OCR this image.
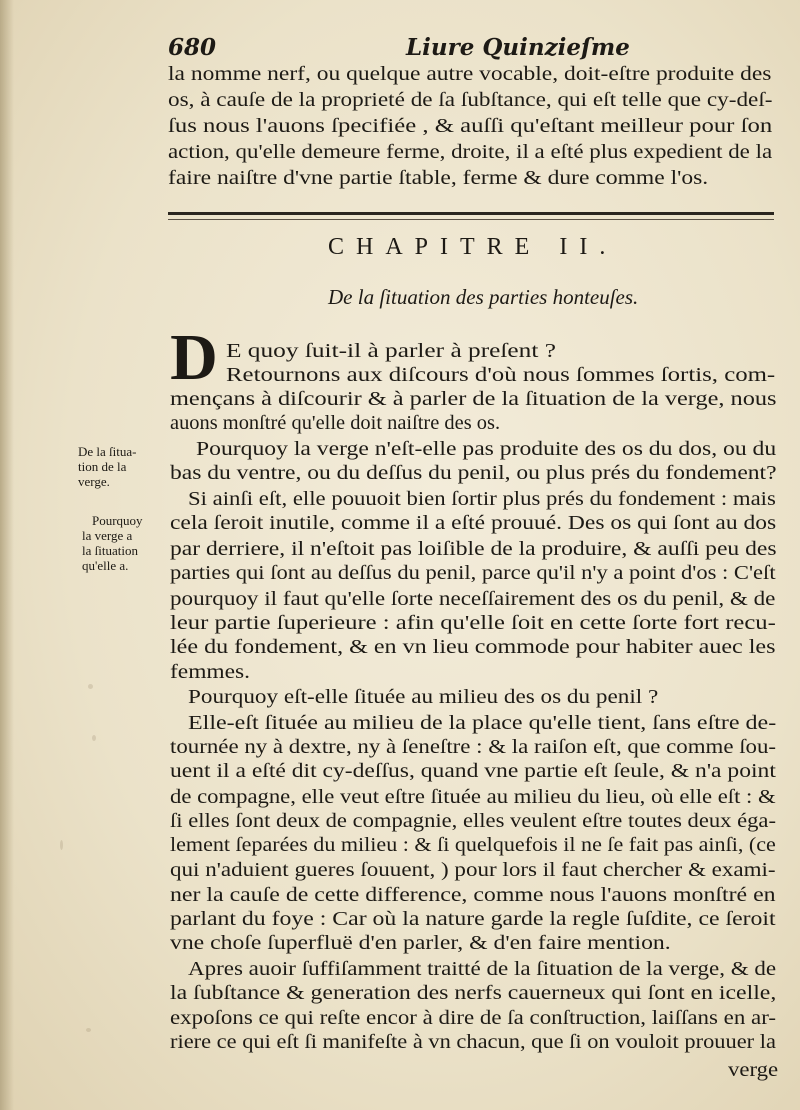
680	Liure Quinzieſme
la nomme nerf, ou quelque autre vocable, doit-eſtre produite des
os, à cauſe de la proprieté de ſa ſubſtance, qui eſt telle que cy-deſ-
ſus nous l'auons ſpecifiée , & auſſi qu'eſtant meilleur pour ſon
action, qu'elle demeure ferme, droite, il a eſté plus expedient de la
faire naiſtre d'vne partie ſtable, ferme & dure comme l'os.
CHAPITRE II.
De la ſituation des parties honteuſes.
D E quoy ſuit-il à parler à preſent ?
Retournons aux diſcours d'où nous ſommes ſortis, com-
mençans à diſcourir & à parler de la ſituation de la verge, nous
auons monſtré qu'elle doit naiſtre des os.
Pourquoy la verge n'eſt-elle pas produite des os du dos, ou du
bas du ventre, ou du deſſus du penil, ou plus prés du fondement?
Si ainſi eſt, elle pouuoit bien ſortir plus prés du fondement : mais
cela ſeroit inutile, comme il a eſté prouué. Des os qui ſont au dos
par derriere, il n'eſtoit pas loiſible de la produire, & auſſi peu des
parties qui ſont au deſſus du penil, parce qu'il n'y a point d'os : C'eſt
pourquoy il faut qu'elle ſorte neceſſairement des os du penil, & de
leur partie ſuperieure : afin qu'elle ſoit en cette ſorte fort recu-
lée du fondement, & en vn lieu commode pour habiter auec les
femmes.
Pourquoy eſt-elle ſituée au milieu des os du penil ?
Elle-eſt ſituée au milieu de la place qu'elle tient, ſans eſtre de-
tournée ny à dextre, ny à ſeneſtre : & la raiſon eſt, que comme ſou-
uent il a eſté dit cy-deſſus, quand vne partie eſt ſeule, & n'a point
de compagne, elle veut eſtre ſituée au milieu du lieu, où elle eſt : &
ſi elles ſont deux de compagnie, elles veulent eſtre toutes deux éga-
lement ſeparées du milieu : & ſi quelquefois il ne ſe fait pas ainſi, (ce
qui n'aduient gueres ſouuent, ) pour lors il faut chercher & exami-
ner la cauſe de cette difference, comme nous l'auons monſtré en
parlant du foye : Car où la nature garde la regle ſuſdite, ce ſeroit
vne choſe ſuperfluë d'en parler, & d'en faire mention.
Apres auoir ſuffiſamment traitté de la ſituation de la verge, & de
la ſubſtance & generation des nerfs cauerneux qui ſont en icelle,
expoſons ce qui reſte encor à dire de ſa conſtruction, laiſſans en ar-
riere ce qui eſt ſi manifeſte à vn chacun, que ſi on vouloit prouuer la
verge
De la ſitua-
tion de la
verge.
Pourquoy
la verge a
la ſituation
qu'elle a.
